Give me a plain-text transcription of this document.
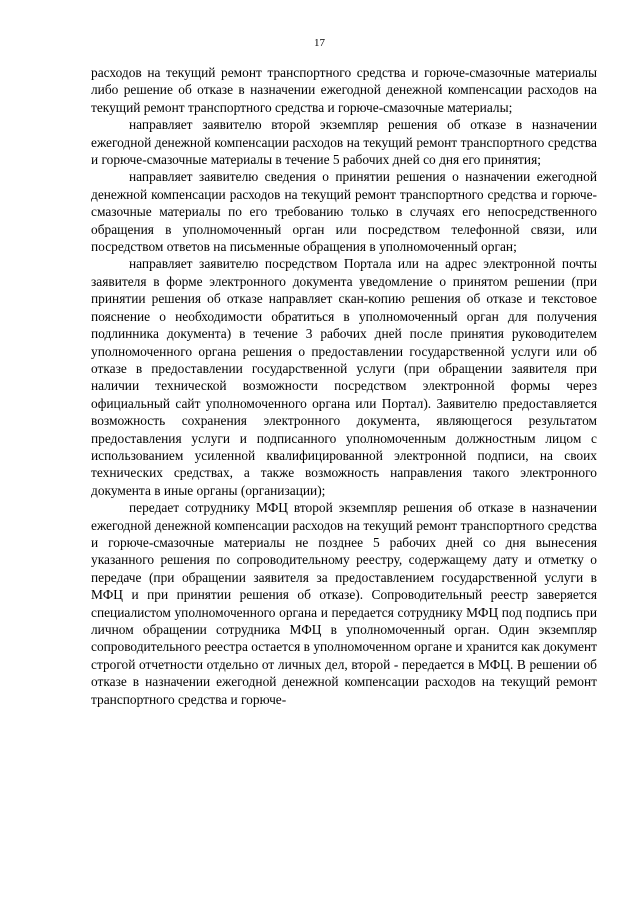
17

расходов на текущий ремонт транспортного средства и горюче-смазочные материалы либо решение об отказе в назначении ежегодной денежной компенсации расходов на текущий ремонт транспортного средства и горюче-смазочные материалы;

направляет заявителю второй экземпляр решения об отказе в назначении ежегодной денежной компенсации расходов на текущий ремонт транспортного средства и горюче-смазочные материалы в течение 5 рабочих дней со дня его принятия;

направляет заявителю сведения о принятии решения о назначении ежегодной денежной компенсации расходов на текущий ремонт транспортного средства и горюче-смазочные материалы по его требованию только в случаях его непосредственного обращения в уполномоченный орган или посредством телефонной связи, или посредством ответов на письменные обращения в уполномоченный орган;

направляет заявителю посредством Портала или на адрес электронной почты заявителя в форме электронного документа уведомление о принятом решении (при принятии решения об отказе направляет скан-копию решения об отказе и текстовое пояснение о необходимости обратиться в уполномоченный орган для получения подлинника документа) в течение 3 рабочих дней после принятия руководителем уполномоченного органа решения о предоставлении государственной услуги или об отказе в предоставлении государственной услуги (при обращении заявителя при наличии технической возможности посредством электронной формы через официальный сайт уполномоченного органа или Портал). Заявителю предоставляется возможность сохранения электронного документа, являющегося результатом предоставления услуги и подписанного уполномоченным должностным лицом с использованием усиленной квалифицированной электронной подписи, на своих технических средствах, а также возможность направления такого электронного документа в иные органы (организации);

передает сотруднику МФЦ второй экземпляр решения об отказе в назначении ежегодной денежной компенсации расходов на текущий ремонт транспортного средства и горюче-смазочные материалы не позднее 5 рабочих дней со дня вынесения указанного решения по сопроводительному реестру, содержащему дату и отметку о передаче (при обращении заявителя за предоставлением государственной услуги в МФЦ и при принятии решения об отказе). Сопроводительный реестр заверяется специалистом уполномоченного органа и передается сотруднику МФЦ под подпись при личном обращении сотрудника МФЦ в уполномоченный орган. Один экземпляр сопроводительного реестра остается в уполномоченном органе и хранится как документ строгой отчетности отдельно от личных дел, второй - передается в МФЦ. В решении об отказе в назначении ежегодной денежной компенсации расходов на текущий ремонт транспортного средства и горюче-
